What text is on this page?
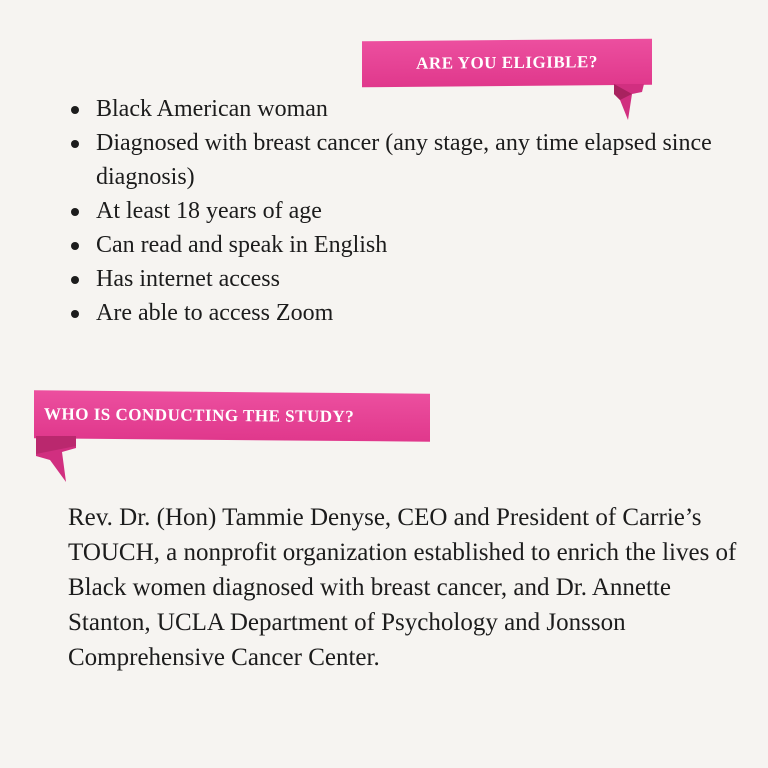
ARE YOU ELIGIBLE?
Black American woman
Diagnosed with breast cancer (any stage, any time elapsed since diagnosis)
At least 18 years of age
Can read and speak in English
Has internet access
Are able to access Zoom
WHO IS CONDUCTING THE STUDY?

Rev. Dr. (Hon) Tammie Denyse, CEO and President of Carrie’s TOUCH, a nonprofit organization established to enrich the lives of Black women diagnosed with breast cancer, and Dr. Annette Stanton, UCLA Department of Psychology and Jonsson Comprehensive Cancer Center.
